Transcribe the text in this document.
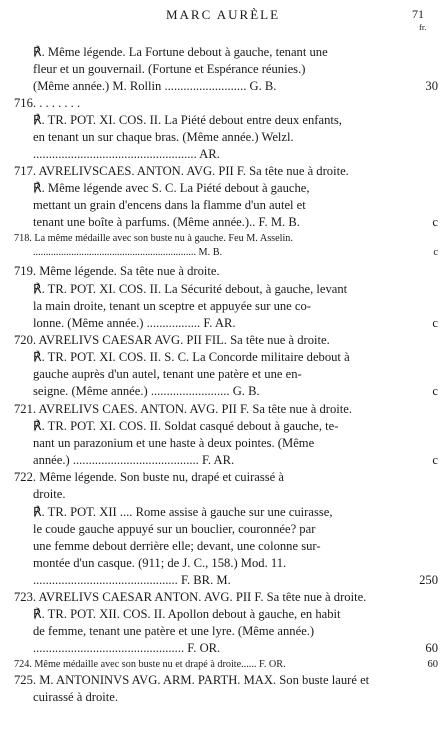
MARC AURÈLE	71
fr.
℟. Même légende. La Fortune debout à gauche, tenant une
fleur et un gouvernail. (Fortune et Espérance réunies.)
(Même année.) M. Rollin .......................... G. B.
716. . . . . . . .
℟. TR. POT. XI. COS. II. La Piété debout entre deux enfants,
en tenant un sur chaque bras. (Même année.) Welzl.
.................................................... AR.
717. AVRELIVSCAES. ANTON. AVG. PII F. Sa tête nue à droite.
℟. Même légende avec S. C. La Piété debout à gauche,
mettant un grain d'encens dans la flamme d'un autel et
tenant une boîte à parfums. (Même année.).. F. M. B.
718. La même médaille avec son buste nu à gauche. Feu M. Asselin.
................................................................ M. B.
719. Même légende. Sa tête nue à droite.
℟. TR. POT. XI. COS. II. La Sécurité debout, à gauche, levant
la main droite, tenant un sceptre et appuyée sur une co-
lonne. (Même année.) ................. F. AR.
720. AVRELIVS CAESAR AVG. PII FIL. Sa tête nue à droite.
℟. TR. POT. XI. COS. II. S. C. La Concorde militaire debout à
gauche auprès d'un autel, tenant une patère et une en-
seigne. (Même année.) ......................... G. B.
721. AVRELIVS CAES. ANTON. AVG. PII F. Sa tête nue à droite.
℟. TR. POT. XI. COS. II. Soldat casqué debout à gauche, te-
nant un parazonium et une haste à deux pointes. (Même
année.) ........................................ F. AR.
722. Même légende. Son buste nu, drapé et cuirassé à
droite.
℟. TR. POT. XII .... Rome assise à gauche sur une cuirasse,
le coude gauche appuyé sur un bouclier, couronnée? par
une femme debout derrière elle; devant, une colonne sur-
montée d'un casque. (911; de J. C., 158.) Mod. 11.
.............................................. F. BR. M.
723. AVRELIVS CAESAR ANTON. AVG. PII F. Sa tête nue à droite.
℟. TR. POT. XII. COS. II. Apollon debout à gauche, en habit
de femme, tenant une patère et une lyre. (Même année.)
................................................ F. OR.
724. Même médaille avec son buste nu et drapé à droite...... F. OR.
725. M. ANTONINVS AVG. ARM. PARTH. MAX. Son buste lauré et
cuirassé à droite.
30
c
c
c
c
c
250
60
60
